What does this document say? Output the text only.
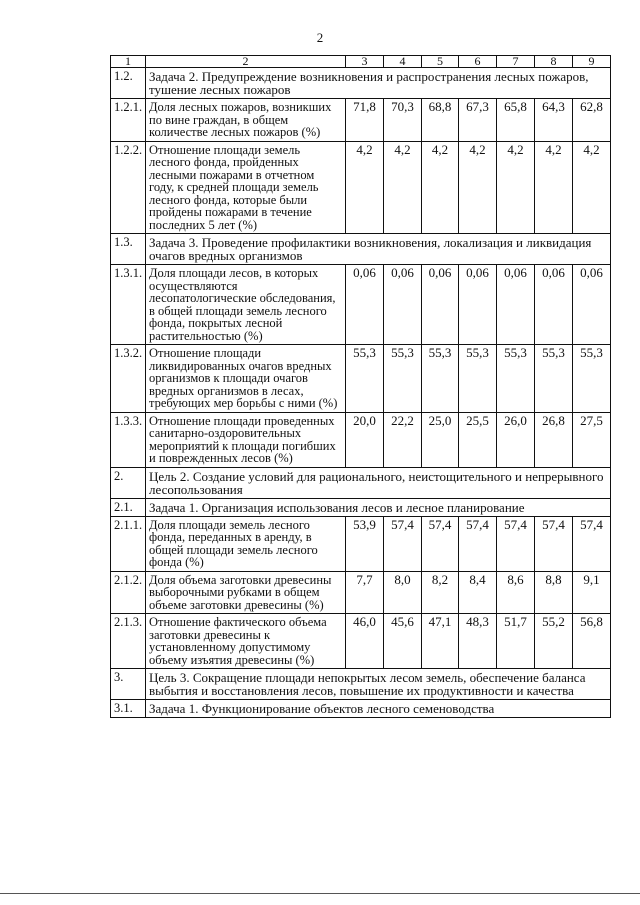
2
1	2	3	4	5	6	7	8	9
1.2.	Задача 2. Предупреждение возникновения и распространения лесных пожаров, тушение лесных пожаров							
1.2.1.	Доля лесных пожаров, возникших по вине граждан, в общем количестве лесных пожаров (%)	71,8	70,3	68,8	67,3	65,8	64,3	62,8
1.2.2.	Отношение площади земель лесного фонда, пройденных лесными пожарами в отчетном году, к средней площади земель лесного фонда, которые были пройдены пожарами в течение последних 5 лет (%)	4,2	4,2	4,2	4,2	4,2	4,2	4,2
1.3.	Задача 3. Проведение профилактики возникновения, локализация и ликвидация очагов вредных организмов							
1.3.1.	Доля площади лесов, в которых осуществляются лесопатологические обследования, в общей площади земель лесного фонда, покрытых лесной растительностью (%)	0,06	0,06	0,06	0,06	0,06	0,06	0,06
1.3.2.	Отношение площади ликвидированных очагов вредных организмов к площади очагов вредных организмов в лесах, требующих мер борьбы с ними (%)	55,3	55,3	55,3	55,3	55,3	55,3	55,3
1.3.3.	Отношение площади проведенных санитарно-оздоровительных мероприятий к площади погибших и поврежденных лесов (%)	20,0	22,2	25,0	25,5	26,0	26,8	27,5
2.	Цель 2. Создание условий для рационального, неистощительного и непрерывного лесопользования							
2.1.	Задача 1. Организация использования лесов и лесное планирование							
2.1.1.	Доля площади земель лесного фонда, переданных в аренду, в общей площади земель лесного фонда (%)	53,9	57,4	57,4	57,4	57,4	57,4	57,4
2.1.2.	Доля объема заготовки древесины выборочными рубками в общем объеме заготовки древесины (%)	7,7	8,0	8,2	8,4	8,6	8,8	9,1
2.1.3.	Отношение фактического объема заготовки древесины к установленному допустимому объему изъятия древесины (%)	46,0	45,6	47,1	48,3	51,7	55,2	56,8
3.	Цель 3. Сокращение площади непокрытых лесом земель, обеспечение баланса выбытия и восстановления лесов, повышение их продуктивности и качества							
3.1.	Задача 1. Функционирование объектов лесного семеноводства							
